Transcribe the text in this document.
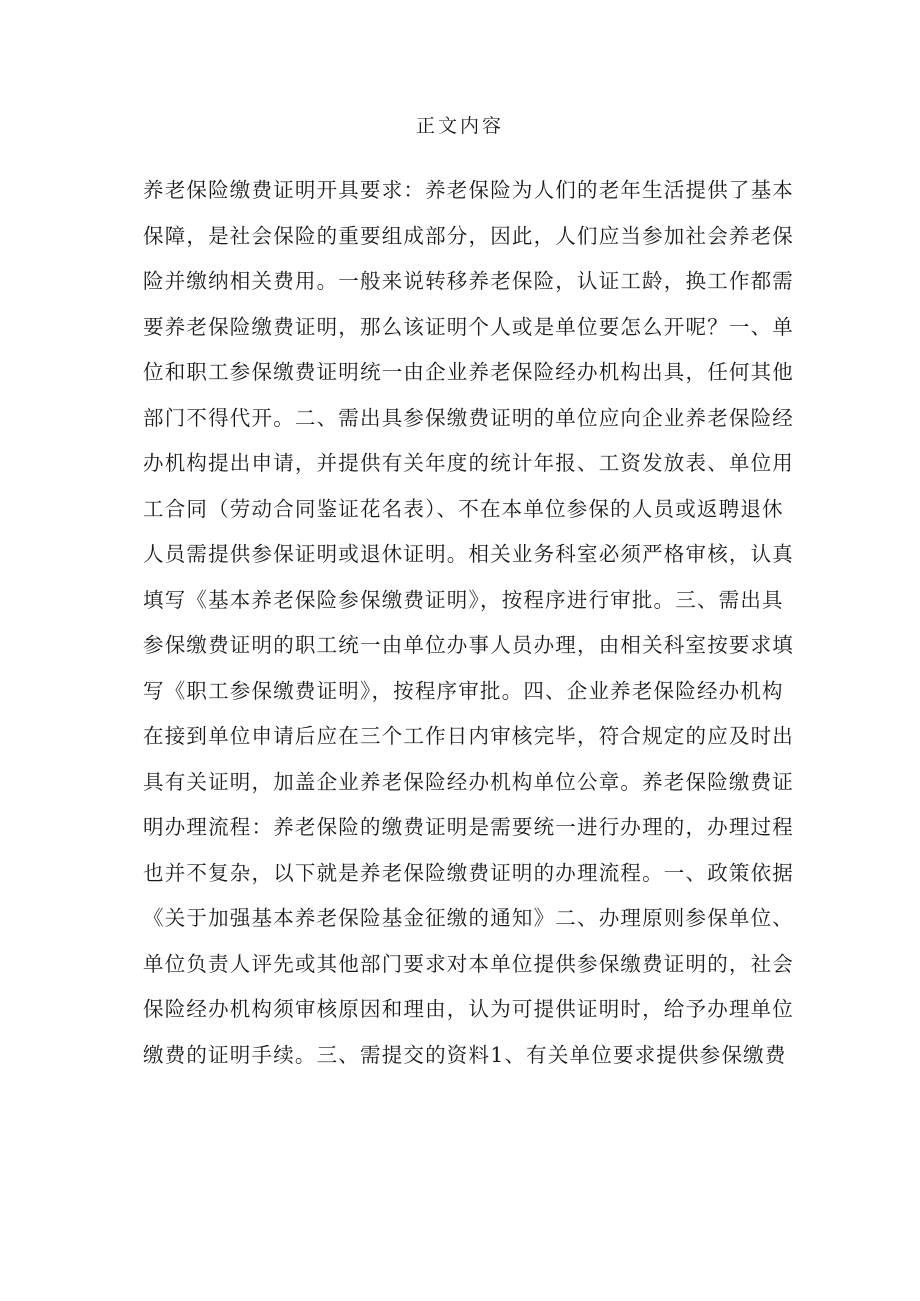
正文内容
养老保险缴费证明开具要求：养老保险为人们的老年生活提供了基本
保障，是社会保险的重要组成部分，因此，人们应当参加社会养老保
险并缴纳相关费用。一般来说转移养老保险，认证工龄，换工作都需
要养老保险缴费证明，那么该证明个人或是单位要怎么开呢？一、单
位和职工参保缴费证明统一由企业养老保险经办机构出具，任何其他
部门不得代开。二、需出具参保缴费证明的单位应向企业养老保险经
办机构提出申请，并提供有关年度的统计年报、工资发放表、单位用
工合同（劳动合同鉴证花名表）、不在本单位参保的人员或返聘退休
人员需提供参保证明或退休证明。相关业务科室必须严格审核，认真
填写《基本养老保险参保缴费证明》，按程序进行审批。三、需出具
参保缴费证明的职工统一由单位办事人员办理，由相关科室按要求填
写《职工参保缴费证明》，按程序审批。四、企业养老保险经办机构
在接到单位申请后应在三个工作日内审核完毕，符合规定的应及时出
具有关证明，加盖企业养老保险经办机构单位公章。养老保险缴费证
明办理流程：养老保险的缴费证明是需要统一进行办理的，办理过程
也并不复杂，以下就是养老保险缴费证明的办理流程。一、政策依据
《关于加强基本养老保险基金征缴的通知》二、办理原则参保单位、
单位负责人评先或其他部门要求对本单位提供参保缴费证明的，社会
保险经办机构须审核原因和理由，认为可提供证明时，给予办理单位
缴费的证明手续。三、需提交的资料1、有关单位要求提供参保缴费
